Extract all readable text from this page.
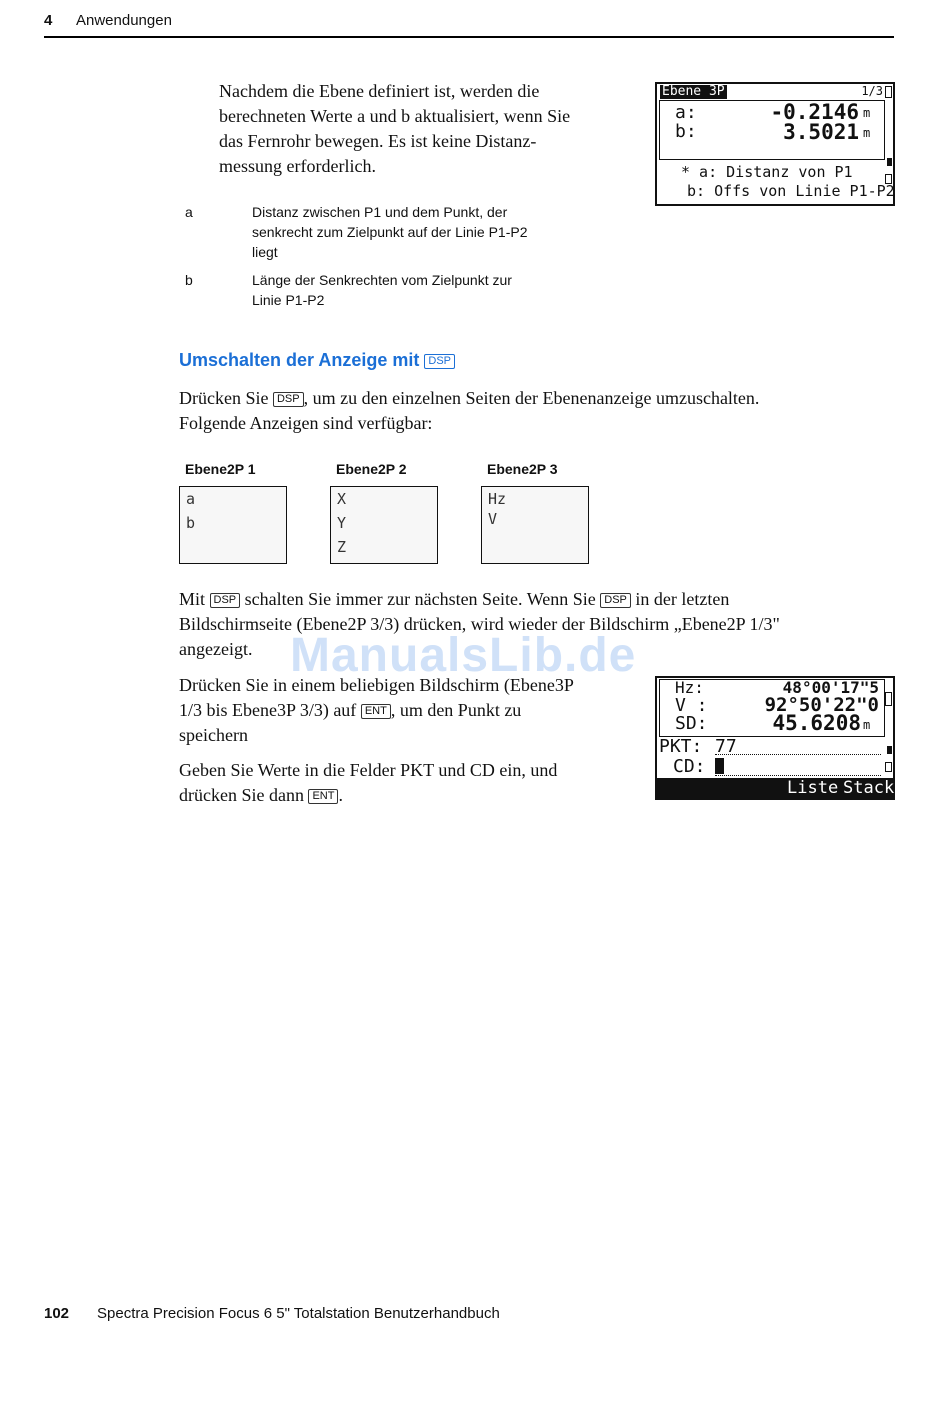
4 Anwendungen
Nachdem die Ebene definiert ist, werden die
berechneten Werte a und b aktualisiert, wenn Sie
das Fernrohr bewegen. Es ist keine Distanz-
messung erforderlich.
a	Distanz zwischen P1 und dem Punkt, der
senkrecht zum Zielpunkt auf der Linie P1-P2
liegt
b	Länge der Senkrechten vom Zielpunkt zur
Linie P1-P2
Ebene 3P	1/3
a:	-0.2146 m
b:	3.5021 m
* a: Distanz von P1
b: Offs von Linie P1-P2
Umschalten der Anzeige mit DSP
Drücken Sie DSP , um zu den einzelnen Seiten der Ebenenanzeige umzuschalten.
Folgende Anzeigen sind verfügbar:
Ebene2P 1
a
b
Ebene2P 2
X
Y
Z
Ebene2P 3
Hz
V
Mit DSP schalten Sie immer zur nächsten Seite. Wenn Sie DSP in der letzten
Bildschirmseite (Ebene2P 3/3) drücken, wird wieder der Bildschirm „Ebene2P 1/3"
angezeigt. ManualsLib.de
Drücken Sie in einem beliebigen Bildschirm (Ebene3P
1/3 bis Ebene3P 3/3) auf ENT , um den Punkt zu
speichern
Geben Sie Werte in die Felder PKT und CD ein, und
drücken Sie dann ENT .
Hz:	48°00'17"5
V :	92°50'22"0
SD:	45.6208 m
PKT: 77
CD:
Liste Stack
102 Spectra Precision Focus 6 5" Totalstation Benutzerhandbuch
